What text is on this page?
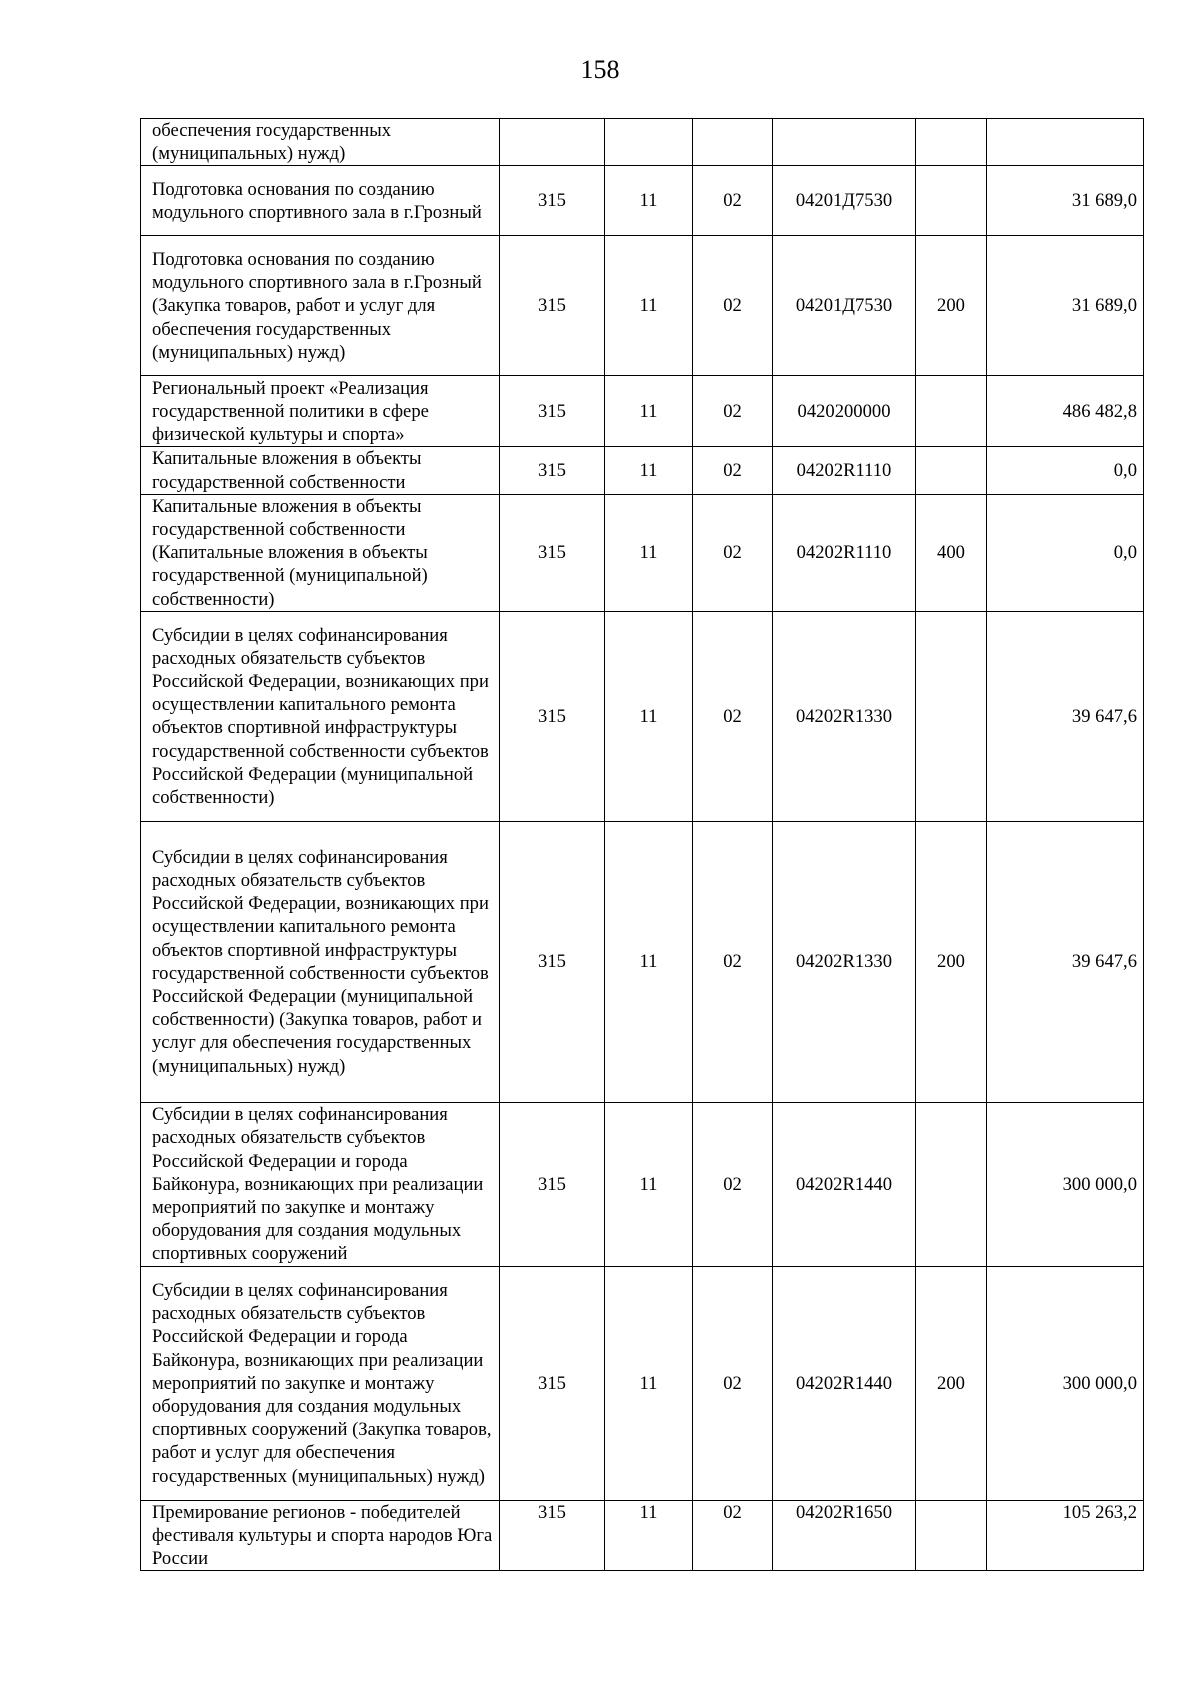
158
обеспечения государственных (муниципальных) нужд)						
Подготовка основания по созданию модульного спортивного зала в г.Грозный	315	11	02	04201Д7530		31 689,0
Подготовка основания по созданию модульного спортивного зала в г.Грозный (Закупка товаров, работ и услуг для обеспечения государственных (муниципальных) нужд)	315	11	02	04201Д7530	200	31 689,0
Региональный проект «Реализация государственной политики в сфере физической культуры и спорта»	315	11	02	0420200000		486 482,8
Капитальные вложения в объекты государственной собственности	315	11	02	04202R1110		0,0
Капитальные вложения в объекты государственной собственности (Капитальные вложения в объекты государственной (муниципальной) собственности)	315	11	02	04202R1110	400	0,0
Субсидии в целях софинансирования расходных обязательств субъектов Российской Федерации, возникающих при осуществлении капитального ремонта объектов спортивной инфраструктуры государственной собственности субъектов Российской Федерации (муниципальной собственности)	315	11	02	04202R1330		39 647,6
Субсидии в целях софинансирования расходных обязательств субъектов Российской Федерации, возникающих при осуществлении капитального ремонта объектов спортивной инфраструктуры государственной собственности субъектов Российской Федерации (муниципальной собственности) (Закупка товаров, работ и услуг для обеспечения государственных (муниципальных) нужд)	315	11	02	04202R1330	200	39 647,6
Субсидии в целях софинансирования расходных обязательств субъектов Российской Федерации и города Байконура, возникающих при реализации мероприятий по закупке и монтажу оборудования для создания модульных спортивных сооружений	315	11	02	04202R1440		300 000,0
Субсидии в целях софинансирования расходных обязательств субъектов Российской Федерации и города Байконура, возникающих при реализации мероприятий по закупке и монтажу оборудования для создания модульных спортивных сооружений (Закупка товаров, работ и услуг для обеспечения государственных (муниципальных) нужд)	315	11	02	04202R1440	200	300 000,0
Премирование регионов - победителей фестиваля культуры и спорта народов Юга России	315	11	02	04202R1650		105 263,2
